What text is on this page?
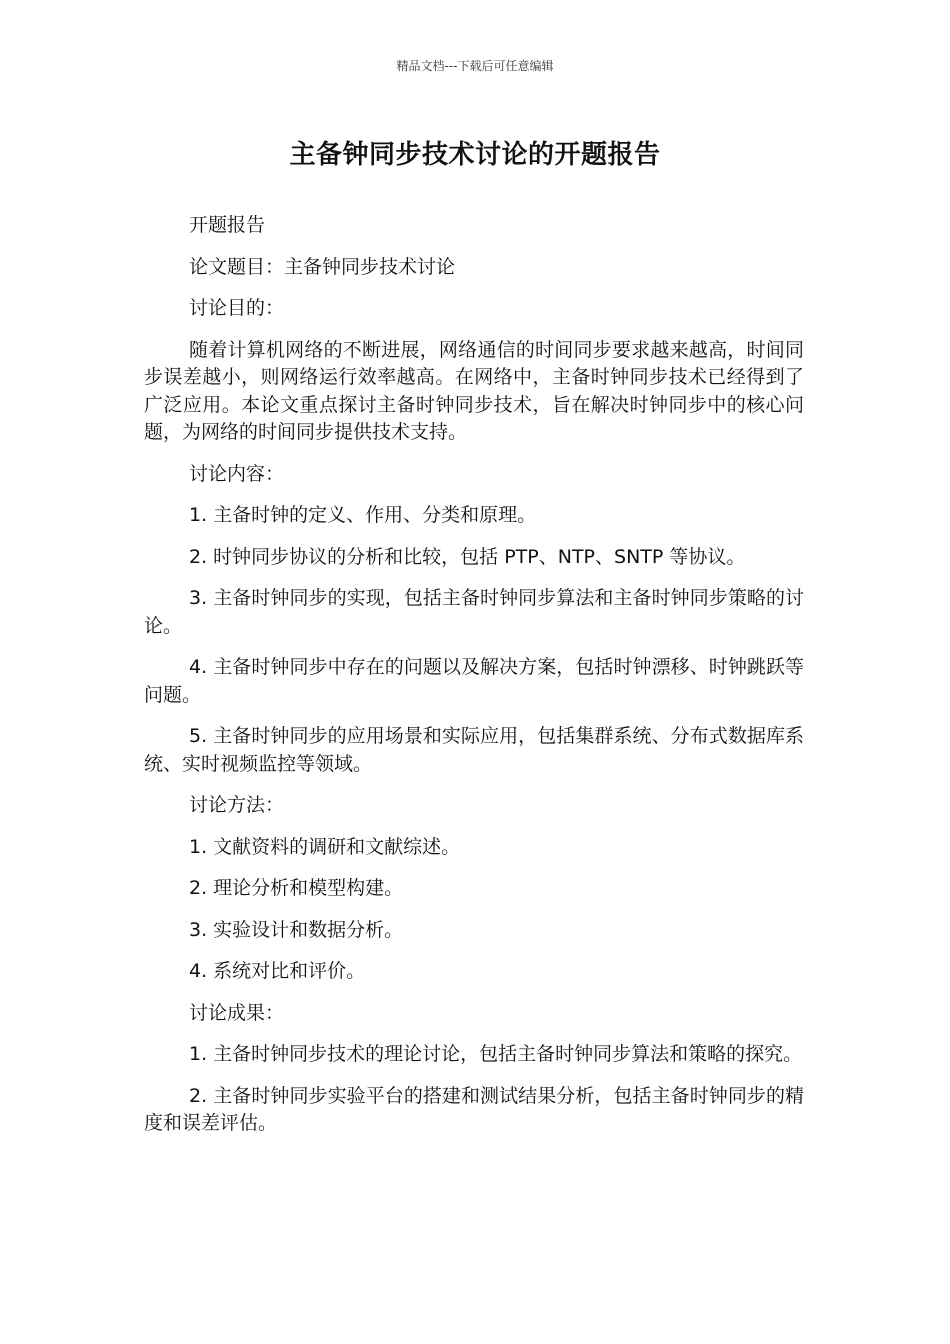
精品文档---下载后可任意编辑
主备钟同步技术讨论的开题报告

开题报告

论文题目：主备钟同步技术讨论

讨论目的：

随着计算机网络的不断进展，网络通信的时间同步要求越来越高，时间同步误差越小，则网络运行效率越高。在网络中，主备时钟同步技术已经得到了广泛应用。本论文重点探讨主备时钟同步技术，旨在解决时钟同步中的核心问题，为网络的时间同步提供技术支持。

讨论内容：

1. 主备时钟的定义、作用、分类和原理。

2. 时钟同步协议的分析和比较，包括 PTP、NTP、SNTP 等协议。

3. 主备时钟同步的实现，包括主备时钟同步算法和主备时钟同步策略的讨论。

4. 主备时钟同步中存在的问题以及解决方案，包括时钟漂移、时钟跳跃等问题。

5. 主备时钟同步的应用场景和实际应用，包括集群系统、分布式数据库系统、实时视频监控等领域。

讨论方法：

1. 文献资料的调研和文献综述。

2. 理论分析和模型构建。

3. 实验设计和数据分析。

4. 系统对比和评价。

讨论成果：

1. 主备时钟同步技术的理论讨论，包括主备时钟同步算法和策略的探究。

2. 主备时钟同步实验平台的搭建和测试结果分析，包括主备时钟同步的精度和误差评估。
